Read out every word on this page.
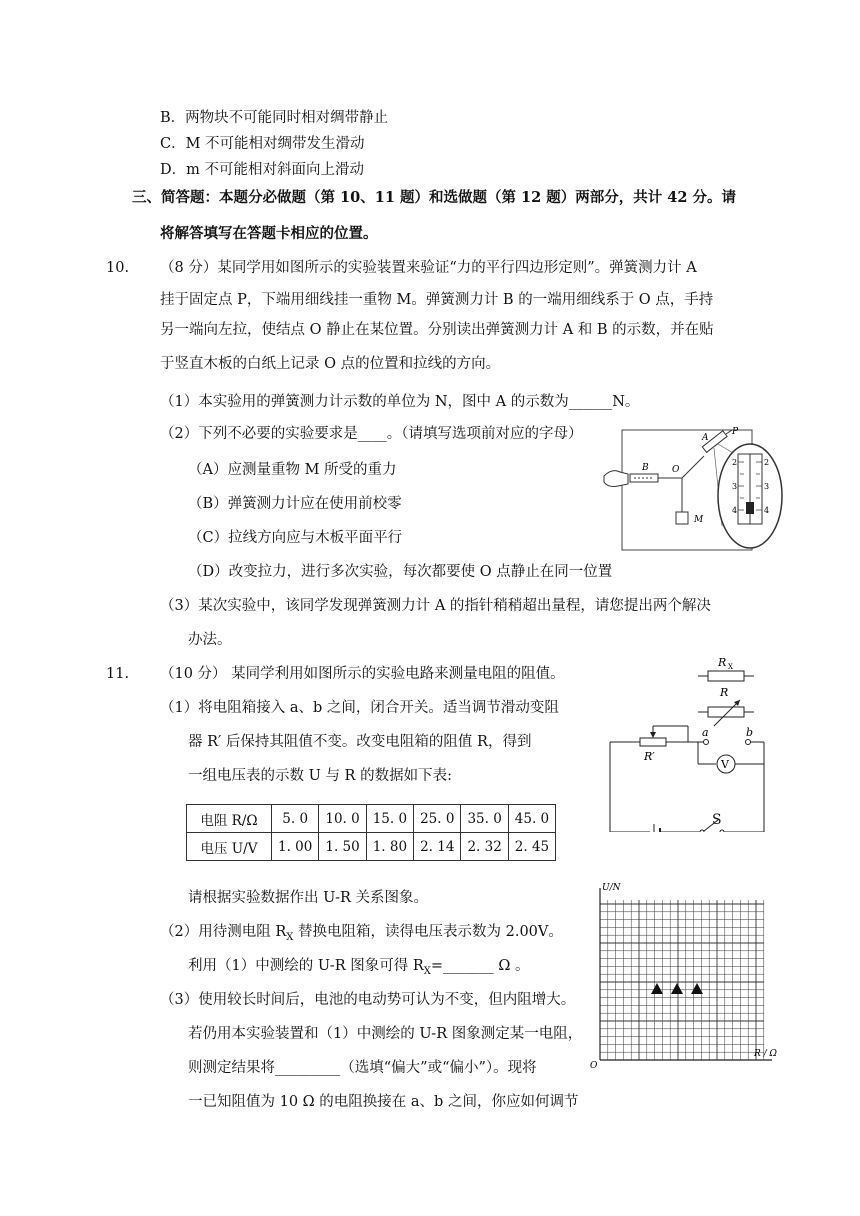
B．两物块不可能同时相对绸带静止
C．M 不可能相对绸带发生滑动
D．m 不可能相对斜面向上滑动
三、简答题：本题分必做题（第 10、11 题）和选做题（第 12 题）两部分，共计 42 分。请
将解答填写在答题卡相应的位置。
10. （8 分）某同学用如图所示的实验装置来验证“力的平行四边形定则”。弹簧测力计 A
挂于固定点 P，下端用细线挂一重物 M。弹簧测力计 B 的一端用细线系于 O 点，手持
另一端向左拉，使结点 O 静止在某位置。分别读出弹簧测力计 A 和 B 的示数，并在贴
于竖直木板的白纸上记录 O 点的位置和拉线的方向。
（1）本实验用的弹簧测力计示数的单位为 N，图中 A 的示数为______N。
（2）下列不必要的实验要求是____。（请填写选项前对应的字母）
（A）应测量重物 M 所受的重力
（B）弹簧测力计应在使用前校零
（C）拉线方向应与木板平面平行
（D）改变拉力，进行多次实验，每次都要使 O 点静止在同一位置
（3）某次实验中，该同学发现弹簧测力计 A 的指针稍稍超出量程，请您提出两个解决
办法。
B	O
A
P
M
2	2
3	3
4	4
11. （10 分） 某同学利用如图所示的实验电路来测量电阻的阻值。
（1）将电阻箱接入 a、b 之间，闭合开关。适当调节滑动变阻
器 R′ 后保持其阻值不变。改变电阻箱的阻值 R，得到
一组电压表的示数 U 与 R 的数据如下表:
电阻 R/Ω	5. 0	10. 0	15. 0	25. 0	35. 0	45. 0
电压 U/V	1. 00	1. 50	1. 80	2. 14	2. 32	2. 45
请根据实验数据作出 U-R 关系图象。
（2）用待测电阻 $R_X$ 替换电阻箱，读得电压表示数为 2.00V。
利用（1）中测绘的 U-R 图象可得 $R_X=\_\_\_\_\_\_\_$ Ω 。
（3）使用较长时间后，电池的电动势可认为不变，但内阻增大。
若仍用本实验装置和（1）中测绘的 U-R 图象测定某一电阻，
则测定结果将_________（选填“偏大”或“偏小”）。现将
一已知阻值为 10 Ω 的电阻换接在 a、b 之间，你应如何调节
R X
R
R′
a	b
V
S
U/N
R / Ω
O
